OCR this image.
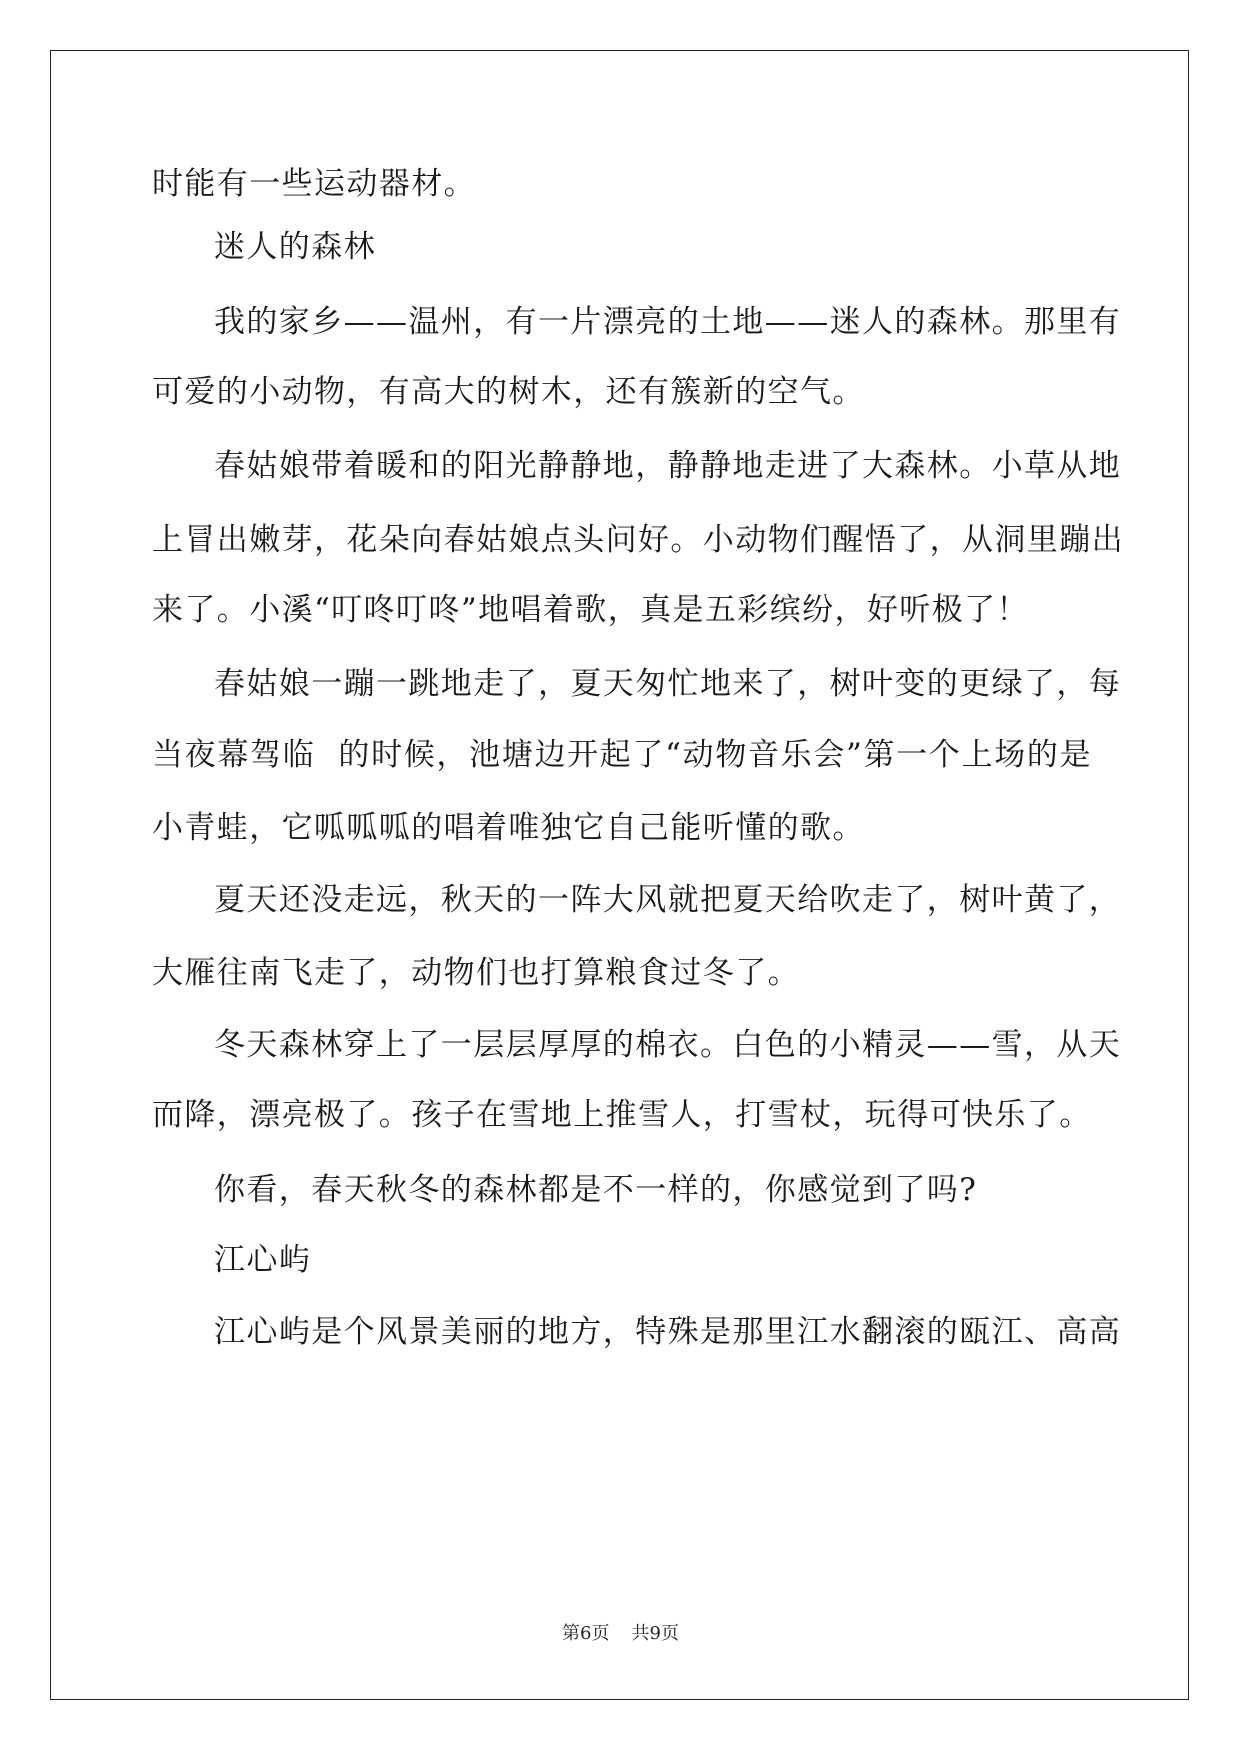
时能有一些运动器材。

迷人的森林

我的家乡——温州，有一片漂亮的土地——迷人的森林。那里有

可爱的小动物，有高大的树木，还有簇新的空气。

春姑娘带着暖和的阳光静静地，静静地走进了大森林。小草从地

上冒出嫩芽，花朵向春姑娘点头问好。小动物们醒悟了，从洞里蹦出

来了。小溪“叮咚叮咚”地唱着歌，真是五彩缤纷，好听极了！

春姑娘一蹦一跳地走了，夏天匆忙地来了，树叶变的更绿了，每

当夜幕驾临  的时候，池塘边开起了“动物音乐会”第一个上场的是

小青蛙，它呱呱呱的唱着唯独它自己能听懂的歌。

夏天还没走远，秋天的一阵大风就把夏天给吹走了，树叶黄了，

大雁往南飞走了，动物们也打算粮食过冬了。

冬天森林穿上了一层层厚厚的棉衣。白色的小精灵——雪，从天

而降，漂亮极了。孩子在雪地上推雪人，打雪杖，玩得可快乐了。

你看，春天秋冬的森林都是不一样的，你感觉到了吗?

江心屿

江心屿是个风景美丽的地方，特殊是那里江水翻滚的瓯江、高高

第6页 共9页
